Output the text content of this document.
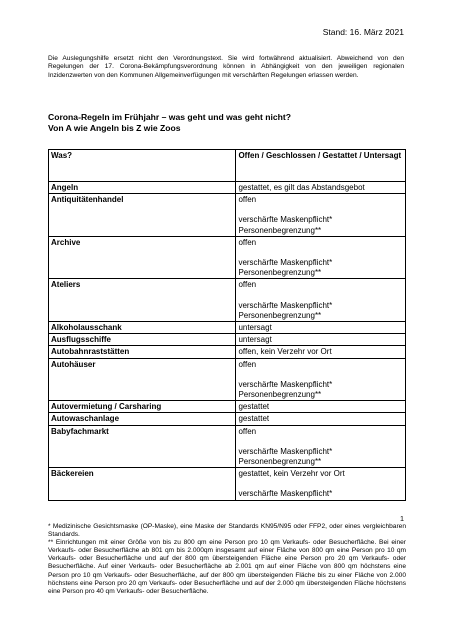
Stand: 16. März 2021

Die Auslegungshilfe ersetzt nicht den Verordnungstext. Sie wird fortwährend aktualisiert. Abweichend von den Regelungen der 17. Corona-Bekämpfungsverordnung können in Abhängigkeit von den jeweiligen regionalen Inzidenzwerten von den Kommunen Allgemeinverfügungen mit verschärften Regelungen erlassen werden.

Corona-Regeln im Frühjahr – was geht und was geht nicht?
Von A wie Angeln bis Z wie Zoos
Was?	Offen / Geschlossen / Gestattet / Untersagt
Angeln	gestattet, es gilt das Abstandsgebot
Antiquitätenhandel	offen
verschärfte Maskenpflicht*
Personenbegrenzung**

Archive	offen
verschärfte Maskenpflicht*
Personenbegrenzung**

Ateliers	offen
verschärfte Maskenpflicht*
Personenbegrenzung**

Alkoholausschank	untersagt
Ausflugsschiffe	untersagt
Autobahnraststätten	offen, kein Verzehr vor Ort
Autohäuser	offen
verschärfte Maskenpflicht*
Personenbegrenzung**

Autovermietung / Carsharing	gestattet
Autowaschanlage	gestattet
Babyfachmarkt	offen
verschärfte Maskenpflicht*
Personenbegrenzung**

Bäckereien	gestattet, kein Verzehr vor Ort
verschärfte Maskenpflicht*
1

* Medizinische Gesichtsmaske (OP-Maske), eine Maske der Standards KN95/N95 oder FFP2, oder eines vergleichbaren Standards.

** Einrichtungen mit einer Größe von bis zu 800 qm eine Person pro 10 qm Verkaufs- oder Besucherfläche. Bei einer Verkaufs- oder Besucherfläche ab 801 qm bis 2.000qm insgesamt auf einer Fläche von 800 qm eine Person pro 10 qm Verkaufs- oder Besucherfläche und auf der 800 qm übersteigenden Fläche eine Person pro 20 qm Verkaufs- oder Besucherfläche. Auf einer Verkaufs- oder Besucherfläche ab 2.001 qm auf einer Fläche von 800 qm höchstens eine Person pro 10 qm Verkaufs- oder Besucherfläche, auf der 800 qm übersteigenden Fläche bis zu einer Fläche von 2.000 höchstens eine Person pro 20 qm Verkaufs- oder Besucherfläche und auf der 2.000 qm übersteigenden Fläche höchstens eine Person pro 40 qm Verkaufs- oder Besucherfläche.
